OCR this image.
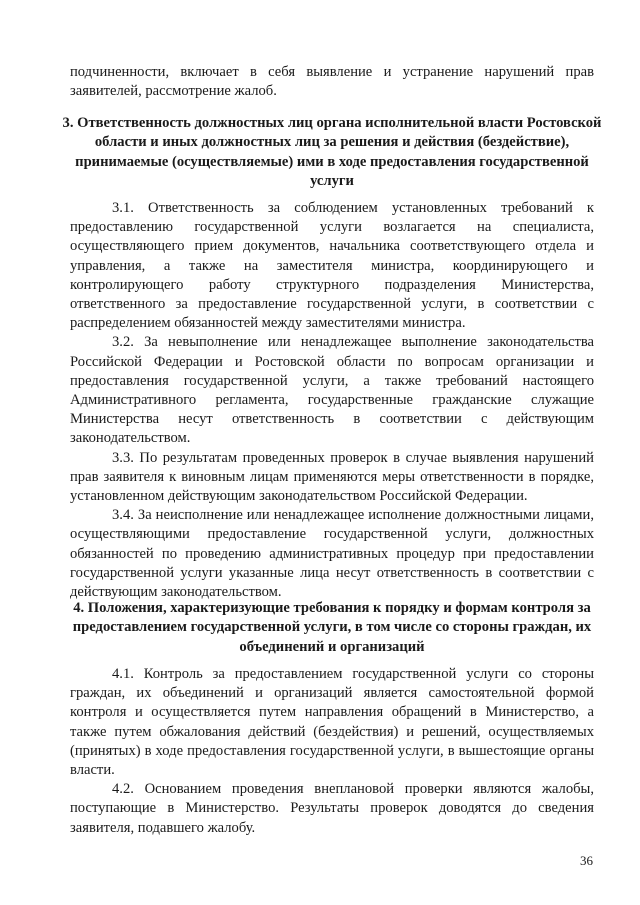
подчиненности, включает в себя выявление и устранение нарушений прав заявителей, рассмотрение жалоб.

3. Ответственность должностных лиц органа исполнительной власти Ростовской области и иных должностных лиц за решения и действия (бездействие), принимаемые (осуществляемые) ими в ходе предоставления государственной услуги

3.1. Ответственность за соблюдением установленных требований к предоставлению государственной услуги возлагается на специалиста, осуществляющего прием документов, начальника соответствующего отдела и управления, а также на заместителя министра, координирующего и контролирующего работу структурного подразделения Министерства, ответственного за предоставление государственной услуги, в соответствии с распределением обязанностей между заместителями министра.

3.2. За невыполнение или ненадлежащее выполнение законодательства Российской Федерации и Ростовской области по вопросам организации и предоставления государственной услуги, а также требований настоящего Административного регламента, государственные гражданские служащие Министерства несут ответственность в соответствии с действующим законодательством.

3.3. По результатам проведенных проверок в случае выявления нарушений прав заявителя к виновным лицам применяются меры ответственности в порядке, установленном действующим законодательством Российской Федерации.

3.4. За неисполнение или ненадлежащее исполнение должностными лицами, осуществляющими предоставление государственной услуги, должностных обязанностей по проведению административных процедур при предоставлении государственной услуги указанные лица несут ответственность в соответствии с действующим законодательством.

4. Положения, характеризующие требования к порядку и формам контроля за предоставлением государственной услуги, в том числе со стороны граждан, их объединений и организаций

4.1. Контроль за предоставлением государственной услуги со стороны граждан, их объединений и организаций является самостоятельной формой контроля и осуществляется путем направления обращений в Министерство, а также путем обжалования действий (бездействия) и решений, осуществляемых (принятых) в ходе предоставления государственной услуги, в вышестоящие органы власти.

4.2. Основанием проведения внеплановой проверки являются жалобы, поступающие в Министерство. Результаты проверок доводятся до сведения заявителя, подавшего жалобу.

36
